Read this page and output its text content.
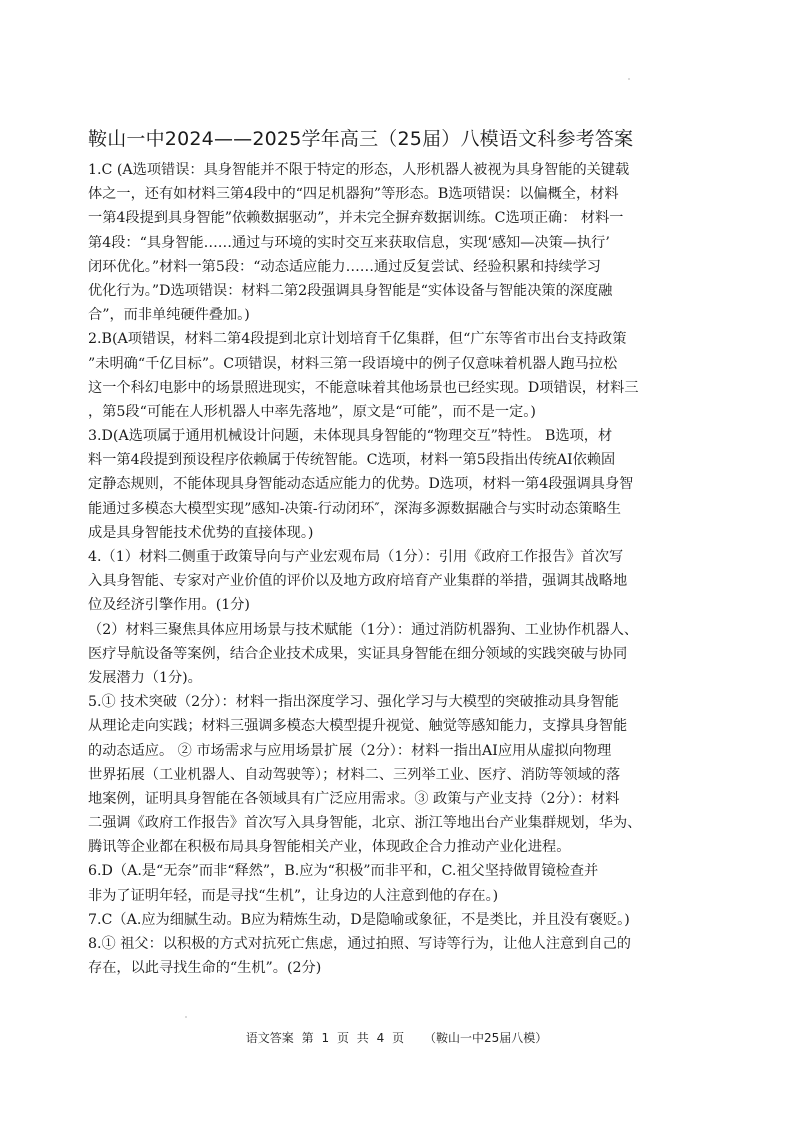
鞍山一中2024——2025学年高三（25届）八模语文科参考答案
1.C (A选项错误：具身智能并不限于特定的形态，人形机器人被视为具身智能的关键载
体之一，还有如材料三第4段中的“四足机器狗”等形态。B选项错误：以偏概全，材料
一第4段提到具身智能”依赖数据驱动”，并未完全摒弃数据训练。C选项正确： 材料一
第4段：“具身智能……通过与环境的实时交互来获取信息，实现‘感知—决策—执行’
闭环优化。”材料一第5段：“动态适应能力……通过反复尝试、经验积累和持续学习
优化行为。”D选项错误：材料二第2段强调具身智能是“实体设备与智能决策的深度融
合”，而非单纯硬件叠加。)
2.B(A项错误，材料二第4段提到北京计划培育千亿集群，但“广东等省市出台支持政策
”未明确“千亿目标”。C项错误，材料三第一段语境中的例子仅意味着机器人跑马拉松
这一个科幻电影中的场景照进现实，不能意味着其他场景也已经实现。D项错误，材料三
，第5段“可能在人形机器人中率先落地”，原文是“可能”，而不是一定。)
3.D(A选项属于通用机械设计问题，未体现具身智能的“物理交互”特性。 B选项，材
料一第4段提到预设程序依赖属于传统智能。C选项，材料一第5段指出传统AI依赖固
定静态规则，不能体现具身智能动态适应能力的优势。D选项，材料一第4段强调具身智
能通过多模态大模型实现”感知-决策-行动闭环″，深海多源数据融合与实时动态策略生
成是具身智能技术优势的直接体现。)
4.（1）材料二侧重于政策导向与产业宏观布局（1分）：引用《政府工作报告》首次写
入具身智能、专家对产业价值的评价以及地方政府培育产业集群的举措，强调其战略地
位及经济引擎作用。(1分)
（2）材料三聚焦具体应用场景与技术赋能（1分）：通过消防机器狗、工业协作机器人、
医疗导航设备等案例，结合企业技术成果，实证具身智能在细分领域的实践突破与协同
发展潜力（1分)。
5.① 技术突破（2分）：材料一指出深度学习、强化学习与大模型的突破推动具身智能
从理论走向实践；材料三强调多模态大模型提升视觉、触觉等感知能力，支撑具身智能
的动态适应。 ② 市场需求与应用场景扩展（2分）：材料一指出AI应用从虚拟向物理
世界拓展（工业机器人、自动驾驶等）；材料二、三列举工业、医疗、消防等领域的落
地案例，证明具身智能在各领域具有广泛应用需求。③ 政策与产业支持（2分）：材料
二强调《政府工作报告》首次写入具身智能，北京、浙江等地出台产业集群规划，华为、
腾讯等企业都在积极布局具身智能相关产业，体现政企合力推动产业化进程。
6.D（A.是“无奈”而非“释然”，B.应为“积极”而非平和，C.祖父坚持做胃镜检查并
非为了证明年轻，而是寻找“生机”，让身边的人注意到他的存在。)
7.C（A.应为细腻生动。B应为精炼生动，D是隐喻或象征，不是类比，并且没有褒贬。)
8.① 祖父：以积极的方式对抗死亡焦虑，通过拍照、写诗等行为，让他人注意到自己的
存在，以此寻找生命的“生机”。(2分)
语文答案 第 1 页 共 4 页 （鞍山一中25届八模）
